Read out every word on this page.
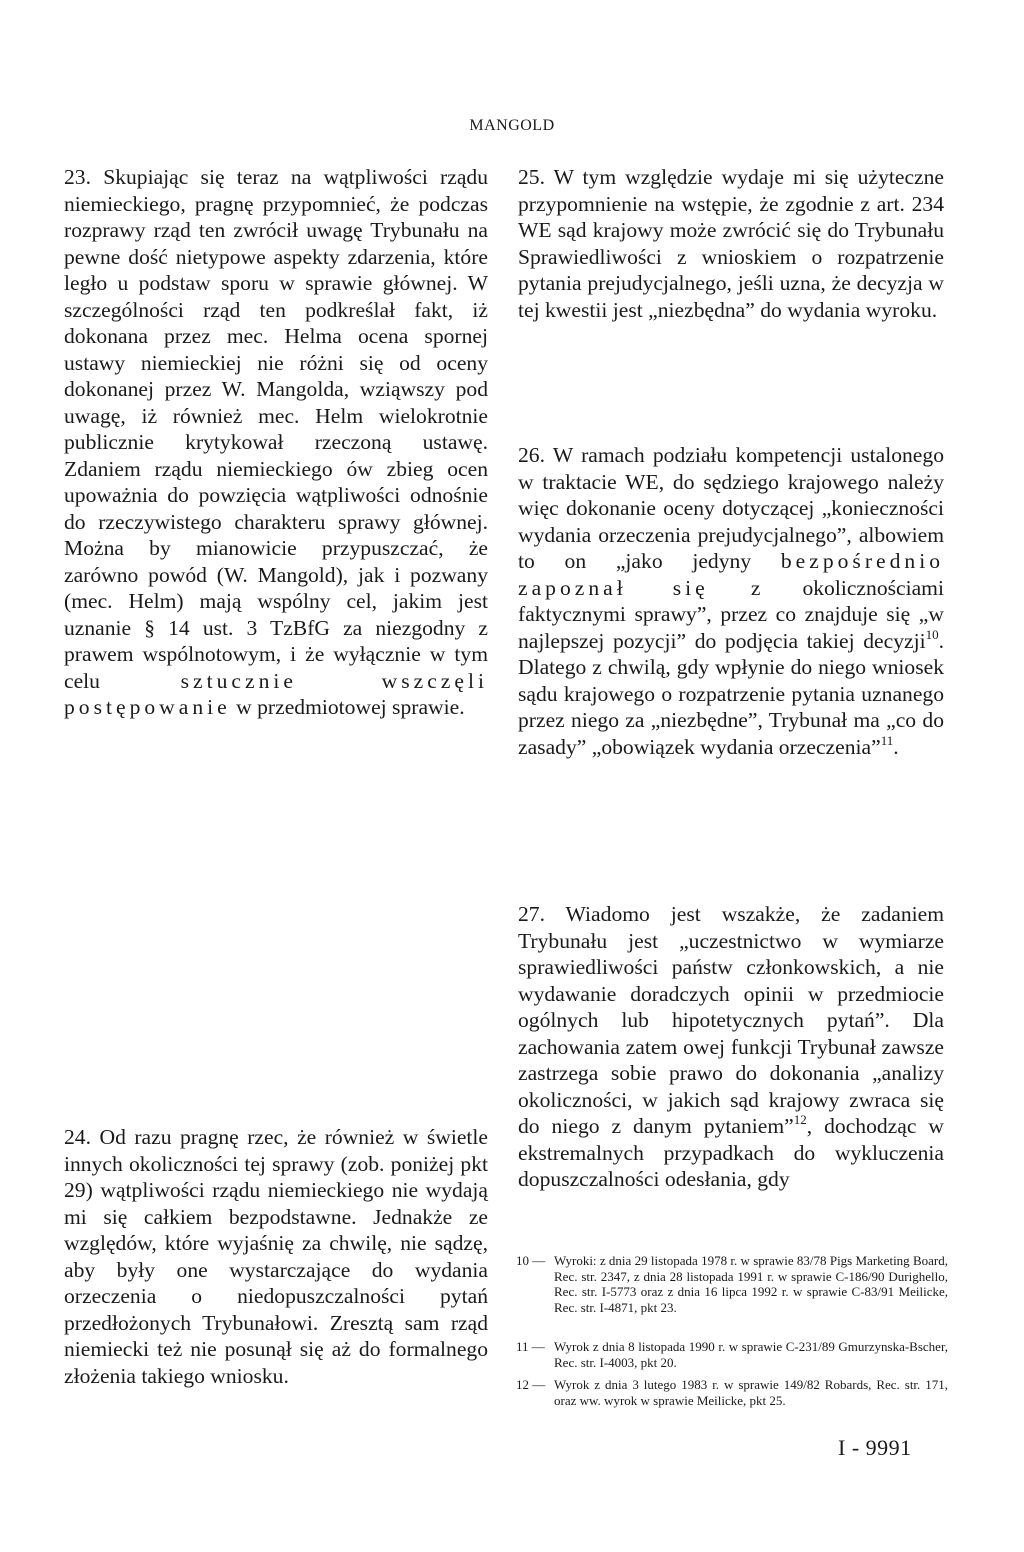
MANGOLD

23. Skupiając się teraz na wątpliwości rządu niemieckiego, pragnę przypomnieć, że podczas rozprawy rząd ten zwrócił uwagę Trybunału na pewne dość nietypowe aspekty zdarzenia, które legło u podstaw sporu w sprawie głównej. W szczególności rząd ten podkreślał fakt, iż dokonana przez mec. Helma ocena spornej ustawy niemieckiej nie różni się od oceny dokonanej przez W. Mangolda, wziąwszy pod uwagę, iż również mec. Helm wielokrotnie publicznie krytykował rzeczoną ustawę. Zdaniem rządu niemieckiego ów zbieg ocen upoważnia do powzięcia wątpliwości odnośnie do rzeczywistego charakteru sprawy głównej. Można by mianowicie przypuszczać, że zarówno powód (W. Mangold), jak i pozwany (mec. Helm) mają wspólny cel, jakim jest uznanie § 14 ust. 3 TzBfG za niezgodny z prawem wspólnotowym, i że wyłącznie w tym celu	sztucznie wszczęli postępowanie w przedmiotowej sprawie.

24. Od razu pragnę rzec, że również w świetle innych okoliczności tej sprawy (zob. poniżej pkt 29) wątpliwości rządu niemieckiego nie wydają mi się całkiem bezpodstawne. Jednakże ze względów, które wyjaśnię za chwilę, nie sądzę, aby były one wystarczające do wydania orzeczenia o niedopuszczalności pytań przedłożonych Trybunałowi. Zresztą sam rząd niemiecki też nie posunął się aż do formalnego złożenia takiego wniosku.

25. W tym względzie wydaje mi się użyteczne przypomnienie na wstępie, że zgodnie z art. 234 WE sąd krajowy może zwrócić się do Trybunału Sprawiedliwości z wnioskiem o rozpatrzenie pytania prejudycjalnego, jeśli uzna, że decyzja w tej kwestii jest „niezbędna” do wydania wyroku.

26. W ramach podziału kompetencji ustalonego w traktacie WE, do sędziego krajowego należy więc dokonanie oceny dotyczącej „konieczności wydania orzeczenia prejudycjalnego”, albowiem to on „jako jedyny bezpośrednio zapoznał się z okolicznościami faktycznymi sprawy”, przez co znajduje się „w najlepszej pozycji” do podjęcia takiej decyzji$^{10}$. Dlatego z chwilą, gdy wpłynie do niego wniosek sądu krajowego o rozpatrzenie pytania uznanego przez niego za „niezbędne”, Trybunał ma „co do zasady” „obowiązek wydania orzeczenia”$^{11}$.

27. Wiadomo jest wszakże, że zadaniem Trybunału jest „uczestnictwo w wymiarze sprawiedliwości państw członkowskich, a nie wydawanie doradczych opinii w przedmiocie ogólnych lub hipotetycznych pytań”. Dla zachowania zatem owej funkcji Trybunał zawsze zastrzega sobie prawo do dokonania „analizy okoliczności, w jakich sąd krajowy zwraca się do niego z danym pytaniem”$^{12}$, dochodząc w ekstremalnych przypadkach do wykluczenia dopuszczalności odesłania, gdy

10 — Wyroki: z dnia 29 listopada 1978 r. w sprawie 83/78 Pigs Marketing Board, Rec. str. 2347, z dnia 28 listopada 1991 r. w sprawie C-186/90 Durighello, Rec. str. I-5773 oraz z dnia 16 lipca 1992 r. w sprawie C-83/91 Meilicke, Rec. str. I-4871, pkt 23.
11 — Wyrok z dnia 8 listopada 1990 r. w sprawie C-231/89 Gmurzynska-Bscher, Rec. str. I-4003, pkt 20.
12 — Wyrok z dnia 3 lutego 1983 r. w sprawie 149/82 Robards, Rec. str. 171, oraz ww. wyrok w sprawie Meilicke, pkt 25.
I - 9991
